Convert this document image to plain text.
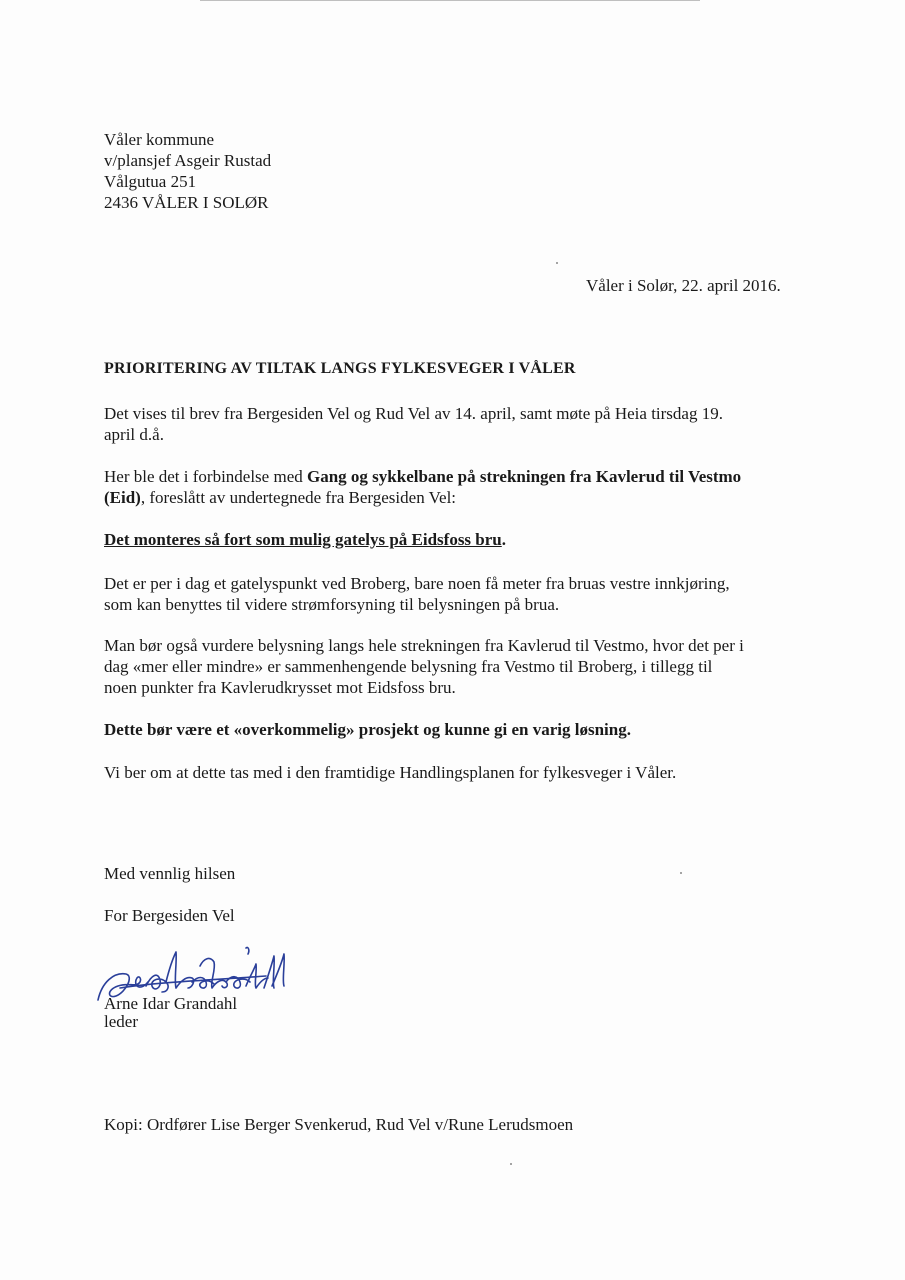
Våler kommune
v/plansjef Asgeir Rustad
Vålgutua 251
2436 VÅLER I SOLØR
Våler i Solør, 22. april 2016.
PRIORITERING AV TILTAK LANGS FYLKESVEGER I VÅLER
Det vises til brev fra Bergesiden Vel og Rud Vel av 14. april, samt møte på Heia tirsdag 19.
april d.å.
Her ble det i forbindelse med Gang og sykkelbane på strekningen fra Kavlerud til Vestmo
(Eid), foreslått av undertegnede fra Bergesiden Vel:
Det monteres så fort som mulig gatelys på Eidsfoss bru.
Det er per i dag et gatelyspunkt ved Broberg, bare noen få meter fra bruas vestre innkjøring,
som kan benyttes til videre strømforsyning til belysningen på brua.
Man bør også vurdere belysning langs hele strekningen fra Kavlerud til Vestmo, hvor det per i
dag «mer eller mindre» er sammenhengende belysning fra Vestmo til Broberg, i tillegg til
noen punkter fra Kavlerudkrysset mot Eidsfoss bru.
Dette bør være et «overkommelig» prosjekt og kunne gi en varig løsning.
Vi ber om at dette tas med i den framtidige Handlingsplanen for fylkesveger i Våler.
Med vennlig hilsen
For Bergesiden Vel
Arne Idar Grandahl
leder
Kopi: Ordfører Lise Berger Svenkerud, Rud Vel v/Rune Lerudsmoen
